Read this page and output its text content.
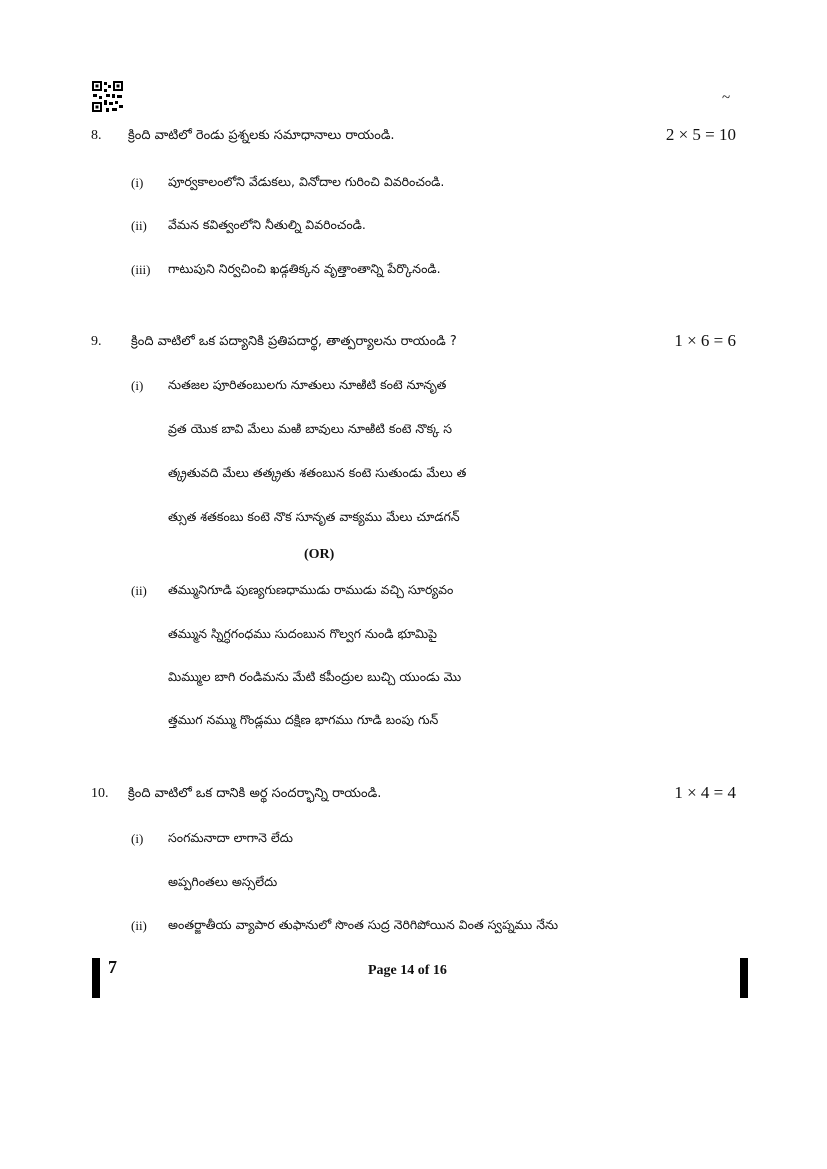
~
8. క్రింది వాటిలో రెండు ప్రశ్నలకు సమాధానాలు రాయండి.	2 × 5 = 10
(i) పూర్వకాలంలోని వేడుకలు, వినోదాల గురించి వివరించండి.
(ii) వేమన కవిత్వంలోని నీతుల్ని వివరించండి.
(iii) గాటుపుని నిర్వచించి ఖడ్గతిక్కన వృత్తాంతాన్ని పేర్కొనండి.
9. క్రింది వాటిలో ఒక పద్యానికి ప్రతిపదార్థ, తాత్పర్యాలను రాయండి ?	1 × 6 = 6
(i) నుతజల పూరితంబులగు నూతులు నూఱిటి కంటె నూనృత
వ్రత యొక బావి మేలు మఱి బావులు నూఱిటి కంటె నొక్క స
త్క్రతువది మేలు తత్క్రతు శతంబున కంటె సుతుండు మేలు త
త్సుత శతకంబు కంటె నొక సూనృత వాక్యము మేలు చూడగన్
(OR)
(ii) తమ్మునిగూడి పుణ్యగుణధాముడు రాముడు వచ్చి సూర్యవం
తమ్మున స్నిగ్ధగంధము సుదంబున గొల్వగ నుండి భూమిపై
మిమ్ముల బాగి రండిమను మేటి కపీంద్రుల బుచ్చి యుండు మొ
త్తముగ నమ్ము గొండ్లము దక్షిణ భాగము గూడి బంపు గున్
10. క్రింది వాటిలో ఒక దానికి అర్థ సందర్భాన్ని రాయండి.	1 × 4 = 4
(i) సంగమనాదా లాగానె లేదు
అప్పగింతలు అస్సలేదు
(ii) అంతర్జాతీయ వ్యాపార తుఫానులో సొంత సుద్ర నెరిగిపోయిన వింత స్వప్నము నేను
7	Page 14 of 16
